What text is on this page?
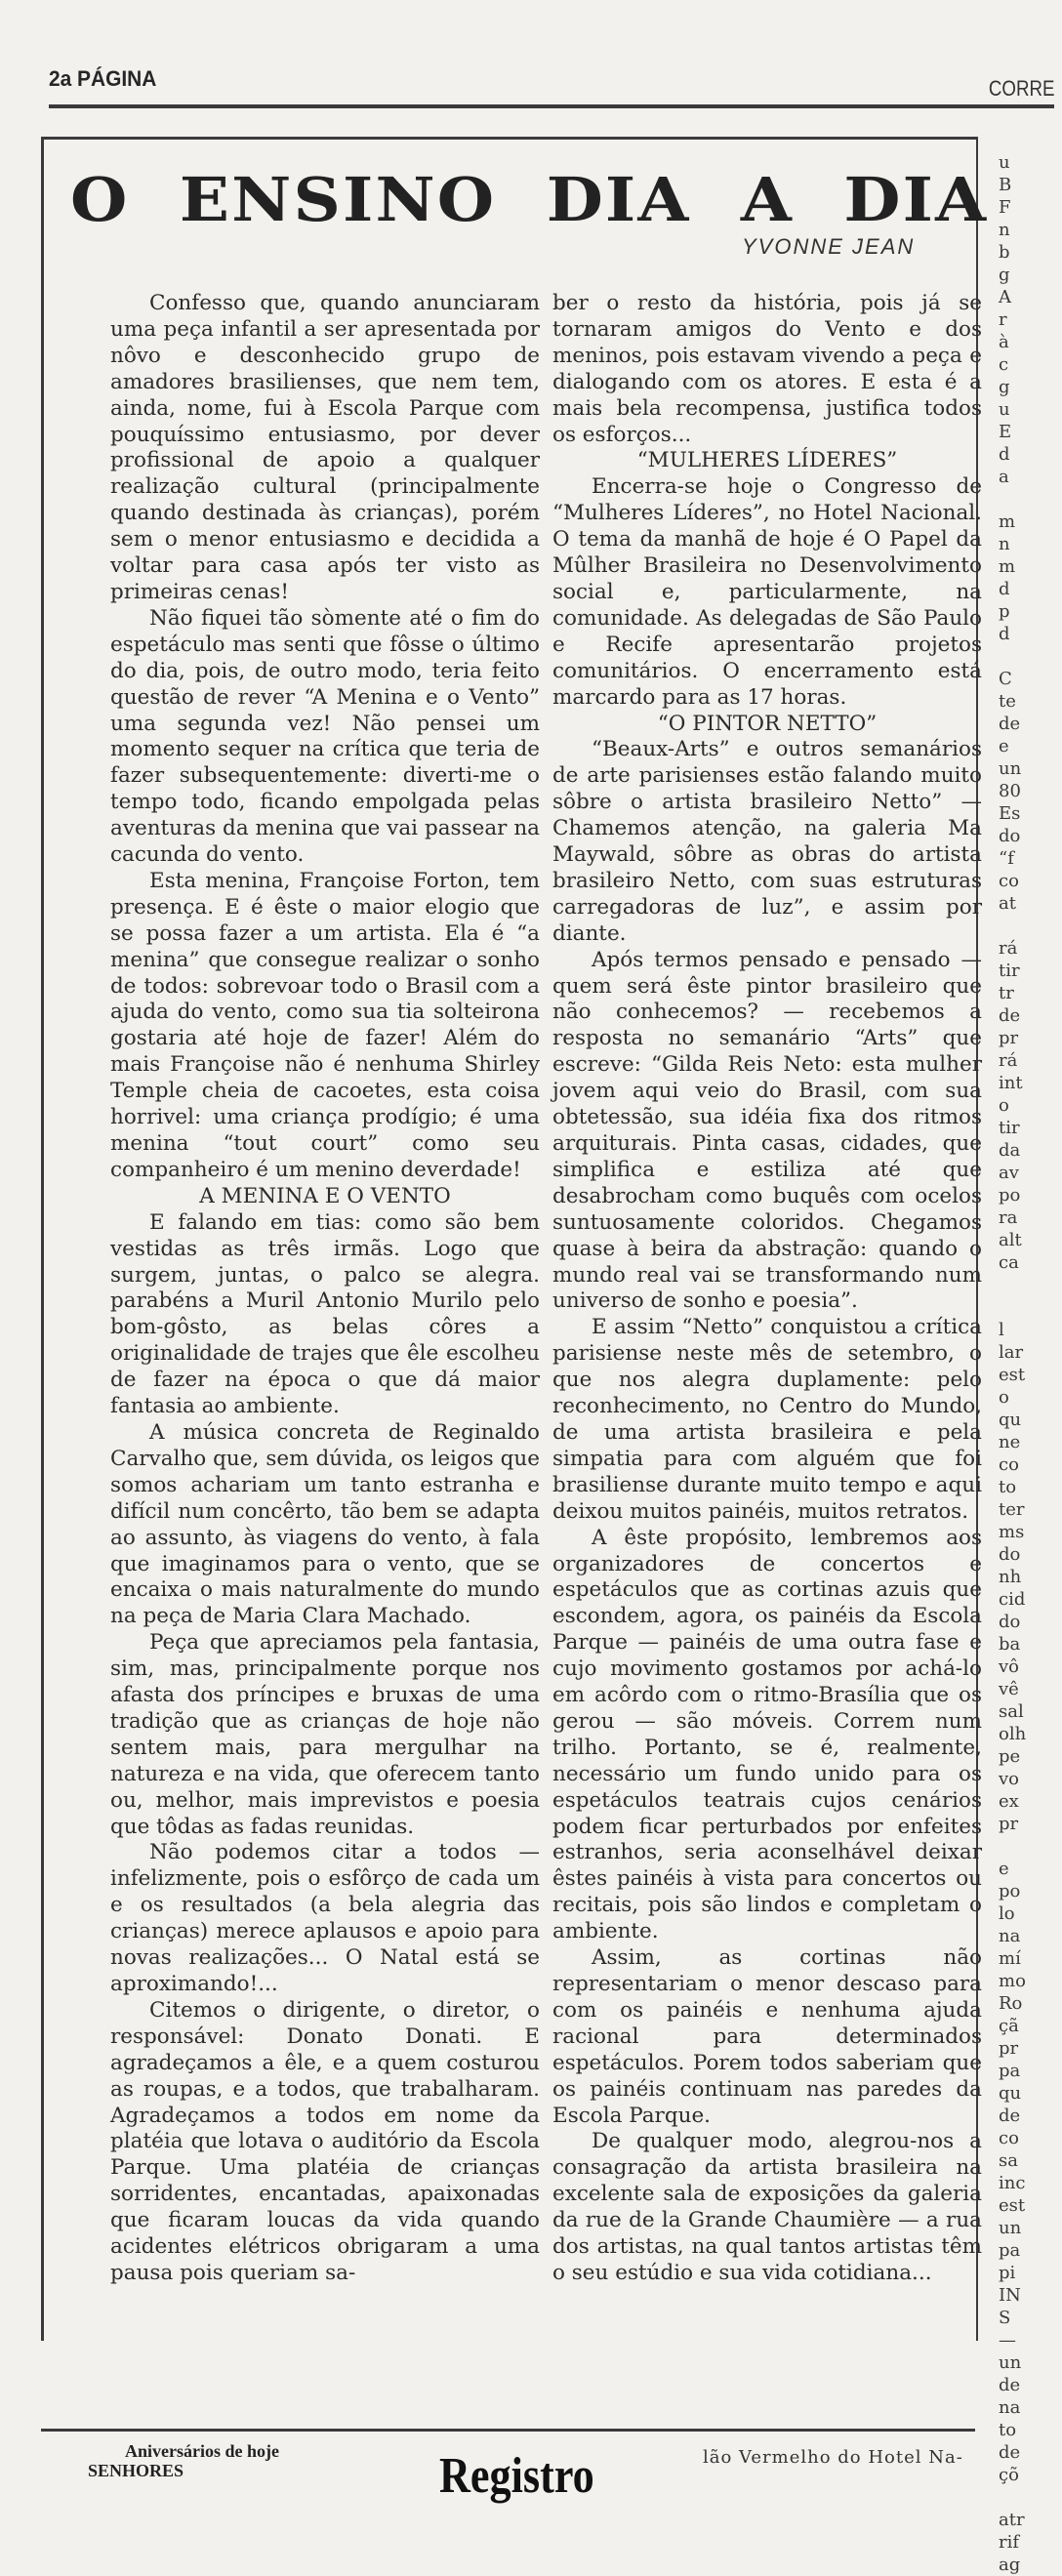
2a PÁGINA	CORRE
O ENSINO DIA A DIA
YVONNE JEAN

Confesso que, quando anunciaram uma peça infantil a ser apresentada por nôvo e desconhecido grupo de amadores brasilienses, que nem tem, ainda, nome, fui à Escola Parque com pouquíssimo entusiasmo, por dever profissional de apoio a qualquer realização cultural (principalmente quando destinada às crianças), porém sem o menor entusiasmo e decidida a voltar para casa após ter visto as primeiras cenas!

Não fiquei tão sòmente até o fim do espetáculo mas senti que fôsse o último do dia, pois, de outro modo, teria feito questão de rever “A Menina e o Vento” uma segunda vez! Não pensei um momento sequer na crítica que teria de fazer subsequentemente: diverti-me o tempo todo, ficando empolgada pelas aventuras da menina que vai passear na cacunda do vento.

Esta menina, Françoise Forton, tem presença. E é êste o maior elogio que se possa fazer a um artista. Ela é “a menina” que consegue realizar o sonho de todos: sobrevoar todo o Brasil com a ajuda do vento, como sua tia solteirona gostaria até hoje de fazer! Além do mais Françoise não é nenhuma Shirley Temple cheia de cacoetes, esta coisa horrivel: uma criança prodígio; é uma menina “tout court” como seu companheiro é um menino deverdade!

A MENINA E O VENTO

E falando em tias: como são bem vestidas as três irmãs. Logo que surgem, juntas, o palco se alegra. parabéns a Muril Antonio Murilo pelo bom-gôsto, as belas côres a originalidade de trajes que êle escolheu de fazer na época o que dá maior fantasia ao ambiente.

A música concreta de Reginaldo Carvalho que, sem dúvida, os leigos que somos achariam um tanto estranha e difícil num concêrto, tão bem se adapta ao assunto, às viagens do vento, à fala que imaginamos para o vento, que se encaixa o mais naturalmente do mundo na peça de Maria Clara Machado.

Peça que apreciamos pela fantasia, sim, mas, principalmente porque nos afasta dos príncipes e bruxas de uma tradição que as crianças de hoje não sentem mais, para mergulhar na natureza e na vida, que oferecem tanto ou, melhor, mais imprevistos e poesia que tôdas as fadas reunidas.

Não podemos citar a todos — infelizmente, pois o esfôrço de cada um e os resultados (a bela alegria das crianças) merece aplausos e apoio para novas realizações... O Natal está se aproximando!...

Citemos o dirigente, o diretor, o responsável: Donato Donati. E agradeçamos a êle, e a quem costurou as roupas, e a todos, que trabalharam. Agradeçamos a todos em nome da platéia que lotava o auditório da Escola Parque. Uma platéia de crianças sorridentes, encantadas, apaixonadas que ficaram loucas da vida quando acidentes elétricos obrigaram a uma pausa pois queriam sa-

ber o resto da história, pois já se tornaram amigos do Vento e dos meninos, pois estavam vivendo a peça e dialogando com os atores. E esta é a mais bela recompensa, justifica todos os esforços...

“MULHERES LÍDERES”

Encerra-se hoje o Congresso de “Mulheres Líderes”, no Hotel Nacional. O tema da manhã de hoje é O Papel da Mûlher Brasileira no Desenvolvimento social e, particularmente, na comunidade. As delegadas de São Paulo e Recife apresentarão projetos comunitários. O encerramento está marcardo para as 17 horas.

“O PINTOR NETTO”

“Beaux-Arts” e outros semanários de arte parisienses estão falando muito sôbre o artista brasileiro Netto” — Chamemos atenção, na galeria Ma Maywald, sôbre as obras do artista brasileiro Netto, com suas estruturas carregadoras de luz”, e assim por diante.

Após termos pensado e pensado — quem será êste pintor brasileiro que não conhecemos? — recebemos a resposta no semanário “Arts” que escreve: “Gilda Reis Neto: esta mulher jovem aqui veio do Brasil, com sua obtetessão, sua idéia fixa dos ritmos arquiturais. Pinta casas, cidades, que simplifica e estiliza até que desabrocham como buquês com ocelos suntuosamente coloridos. Chegamos quase à beira da abstração: quando o mundo real vai se transformando num universo de sonho e poesia”.

E assim “Netto” conquistou a crítica parisiense neste mês de setembro, o que nos alegra duplamente: pelo reconhecimento, no Centro do Mundo, de uma artista brasileira e pela simpatia para com alguém que foi brasiliense durante muito tempo e aqui deixou muitos painéis, muitos retratos.

A êste propósito, lembremos aos organizadores de concertos e espetáculos que as cortinas azuis que escondem, agora, os painéis da Escola Parque — painéis de uma outra fase e cujo movimento gostamos por achá-lo em acôrdo com o ritmo-Brasília que os gerou — são móveis. Correm num trilho. Portanto, se é, realmente, necessário um fundo unido para os espetáculos teatrais cujos cenários podem ficar perturbados por enfeites estranhos, seria aconselhável deixar êstes painéis à vista para concertos ou recitais, pois são lindos e completam o ambiente.

Assim, as cortinas não representariam o menor descaso para com os painéis e nenhuma ajuda racional para determinados espetáculos. Porem todos saberiam que os painéis continuam nas paredes da Escola Parque.

De qualquer modo, alegrou-nos a consagração da artista brasileira na excelente sala de exposições da galeria da rue de la Grande Chaumière — a rua dos artistas, na qual tantos artistas têm o seu estúdio e sua vida cotidiana...

Aniversários de hoje
SENHORES	Registro	lão Vermelho do Hotel Na-
u
B
F
n
b
g
A
r
à
c
g
u
E
d
a
m
n
m
d
p
d
C
te
de
e
un
80
Es
do
“f
co
at
rá
tir
tr
de
pr
rá
int
o
tir
da
av
po
ra
alt
ca
l
lar
est
o
qu
ne
co
to
ter
ms
do
nh
cid
do
ba
vô
vê
sal
olh
pe
vo
ex
pr
e
po
lo
na
mí
mo
Ro
çã
pr
pa
qu
de
co
sa
inc
est
un
pa
pi
IN
S
—
un
de
na
to
de
çõ
atr
rif
ag
